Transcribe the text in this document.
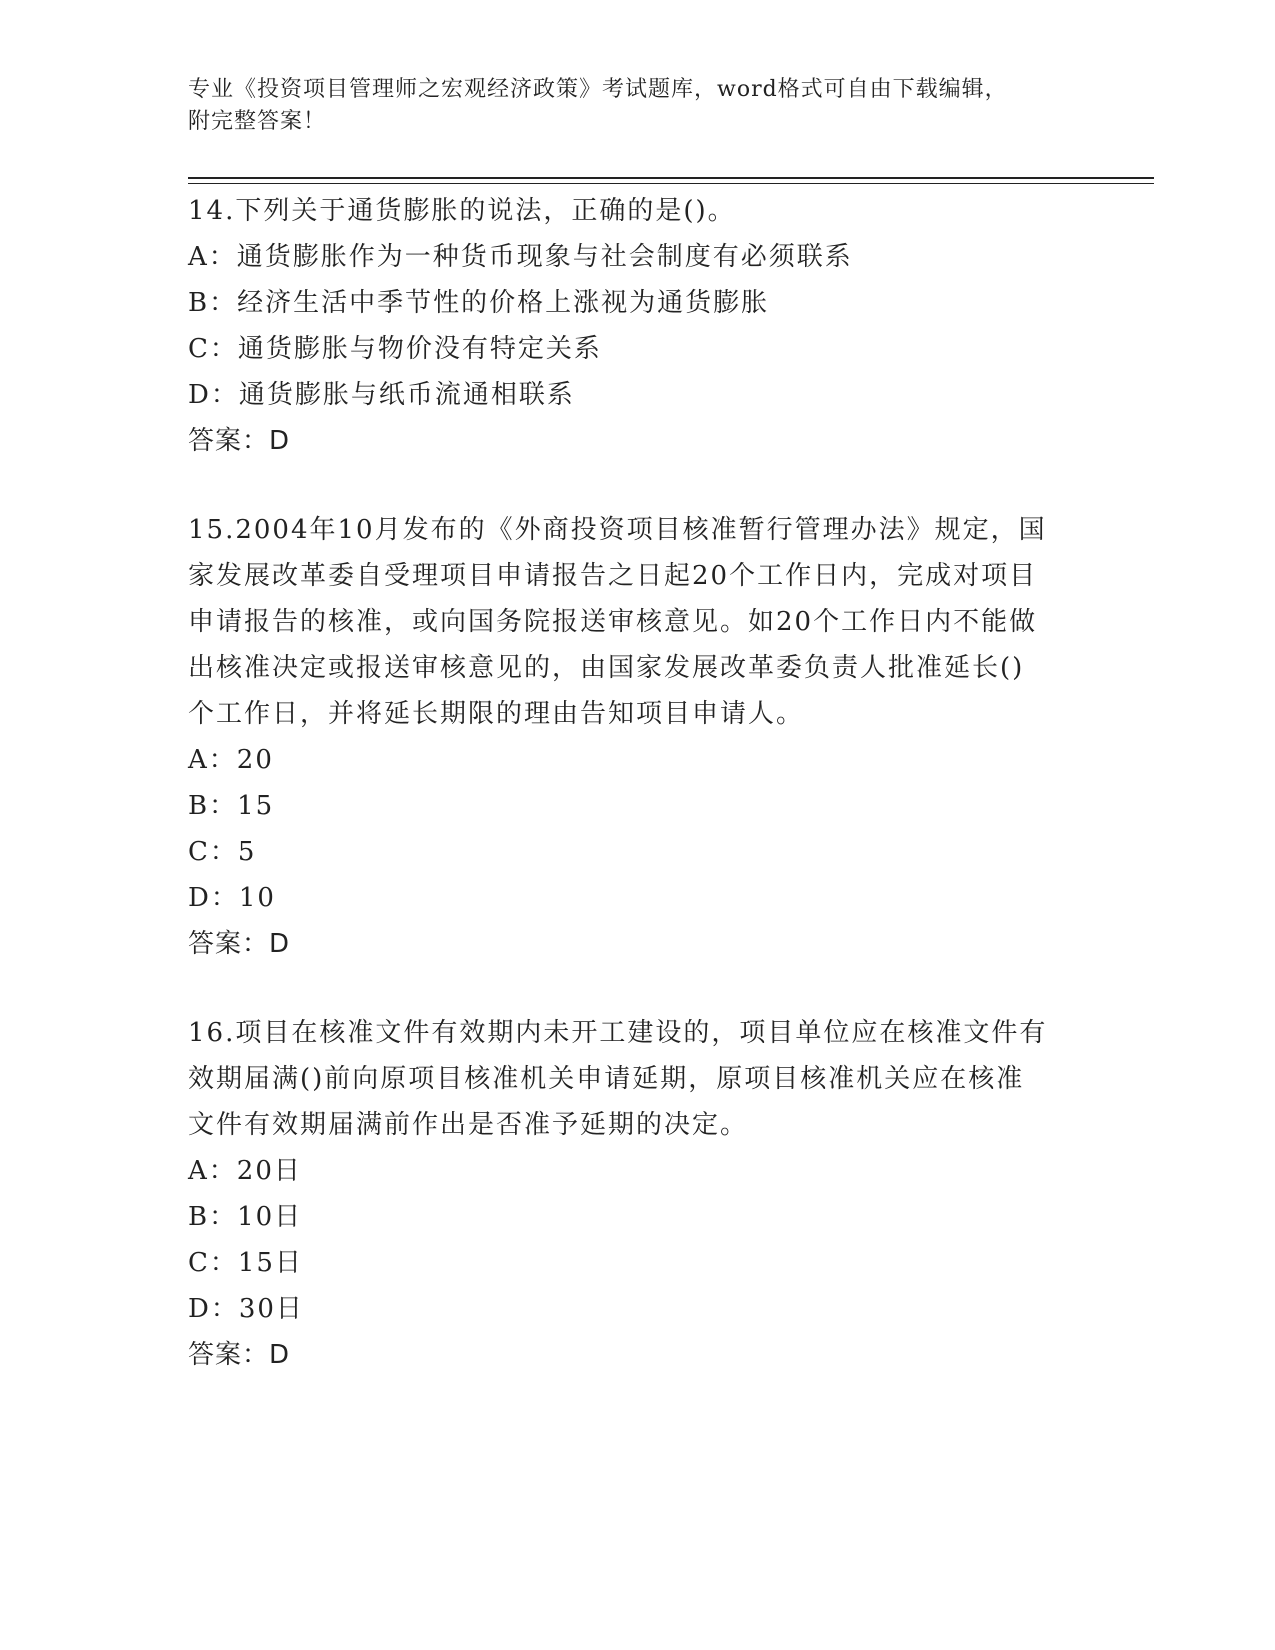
专业《投资项目管理师之宏观经济政策》考试题库，word格式可自由下载编辑，
附完整答案！

14.下列关于通货膨胀的说法，正确的是()。

A：通货膨胀作为一种货币现象与社会制度有必须联系

B：经济生活中季节性的价格上涨视为通货膨胀

C：通货膨胀与物价没有特定关系

D：通货膨胀与纸币流通相联系

答案：D

15.2004年10月发布的《外商投资项目核准暂行管理办法》规定，国

家发展改革委自受理项目申请报告之日起20个工作日内，完成对项目

申请报告的核准，或向国务院报送审核意见。如20个工作日内不能做

出核准决定或报送审核意见的，由国家发展改革委负责人批准延长()

个工作日，并将延长期限的理由告知项目申请人。

A：20

B：15

C：5

D：10

答案：D

16.项目在核准文件有效期内未开工建设的，项目单位应在核准文件有

效期届满()前向原项目核准机关申请延期，原项目核准机关应在核准

文件有效期届满前作出是否准予延期的决定。

A：20日

B：10日

C：15日

D：30日

答案：D
